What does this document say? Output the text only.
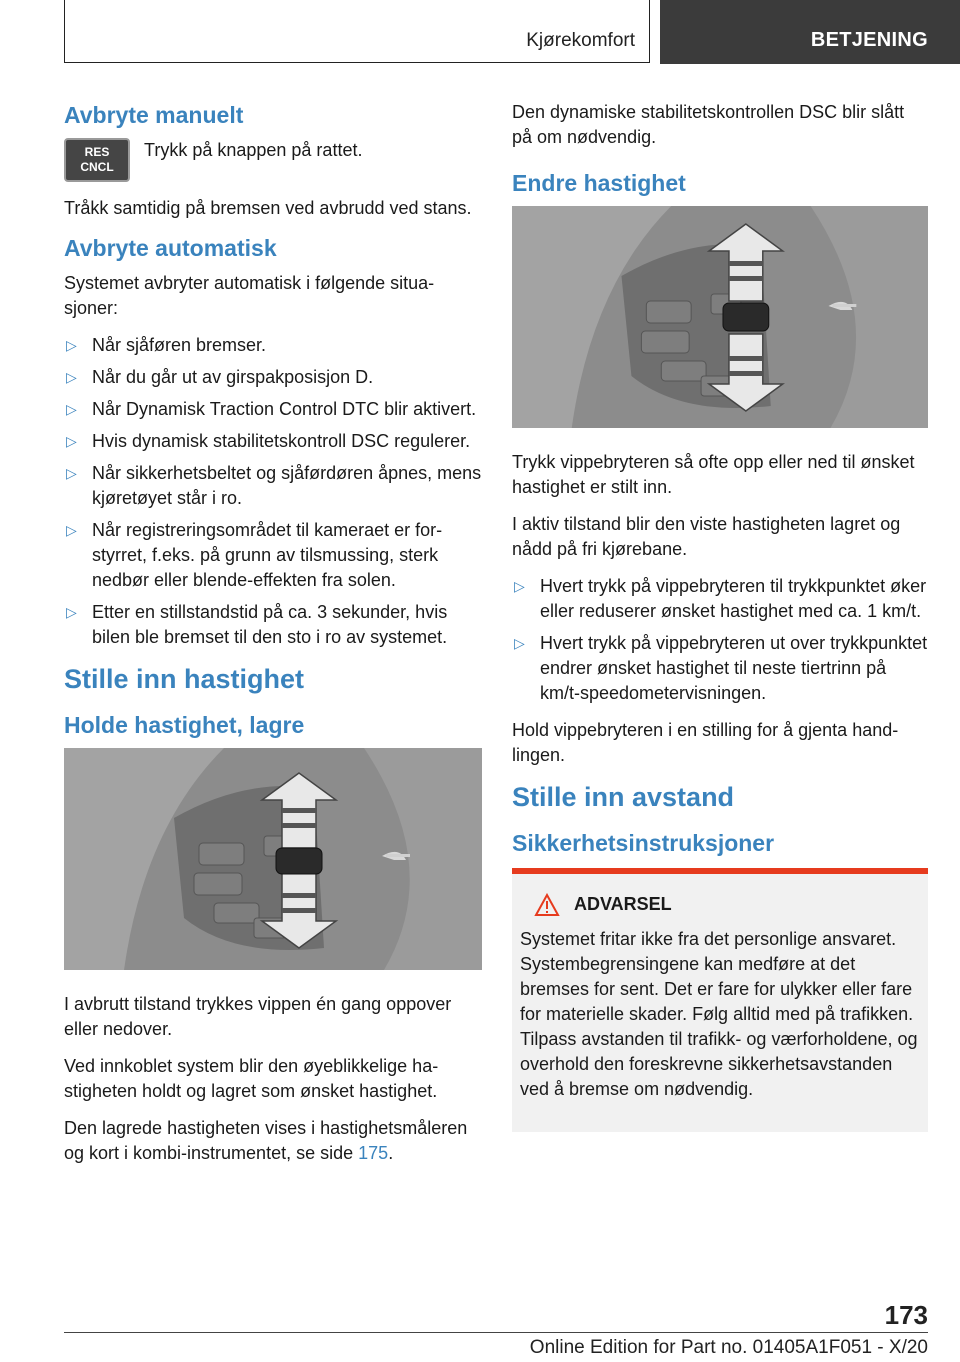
Kjørekomfort	BETJENING
Avbryte manuelt
RES
CNCL
Trykk på knappen på rattet.

Tråkk samtidig på bremsen ved avbrudd ved stans.

Avbryte automatisk

Systemet avbryter automatisk i følgende situasjoner:

▷ Når sjåføren bremser.
▷ Når du går ut av girspakposisjon D.
▷ Når Dynamisk Traction Control DTC blir aktivert.
▷ Hvis dynamisk stabilitetskontroll DSC regulerer.
▷ Når sikkerhetsbeltet og sjåførdøren åpnes, mens kjøretøyet står i ro.
▷ Når registreringsområdet til kameraet er forstyrret, f.eks. på grunn av tilsmussing, sterk nedbør eller blende-effekten fra solen.
▷ Etter en stillstandstid på ca. 3 sekunder, hvis bilen ble bremset til den sto i ro av systemet.
Stille inn hastighet
Holde hastighet, lagre

I avbrutt tilstand trykkes vippen én gang oppover eller nedover.

Ved innkoblet system blir den øyeblikkelige hastigheten holdt og lagret som ønsket hastighet.

Den lagrede hastigheten vises i hastighetsmåleren og kort i kombi-instrumentet, se side 175.

Den dynamiske stabilitetskontrollen DSC blir slått på om nødvendig.

Endre hastighet

Trykk vippebryteren så ofte opp eller ned til ønsket hastighet er stilt inn.

I aktiv tilstand blir den viste hastigheten lagret og nådd på fri kjørebane.

▷ Hvert trykk på vippebryteren til trykkpunktet øker eller reduserer ønsket hastighet med ca. 1 km/t.
▷ Hvert trykk på vippebryteren ut over trykkpunktet endrer ønsket hastighet til neste tiertrinn på km/t-speedometervisningen.

Hold vippebryteren i en stilling for å gjenta handlingen.

Stille inn avstand
Sikkerhetsinstruksjoner
ADVARSEL

Systemet fritar ikke fra det personlige ansvaret. Systembegrensingene kan medføre at det bremses for sent. Det er fare for ulykker eller fare for materielle skader. Følg alltid med på trafikken. Tilpass avstanden til trafikk- og værforholdene, og overhold den foreskrevne sikkerhetsavstanden ved å bremse om nødvendig.

173
Online Edition for Part no. 01405A1F051 - X/20
